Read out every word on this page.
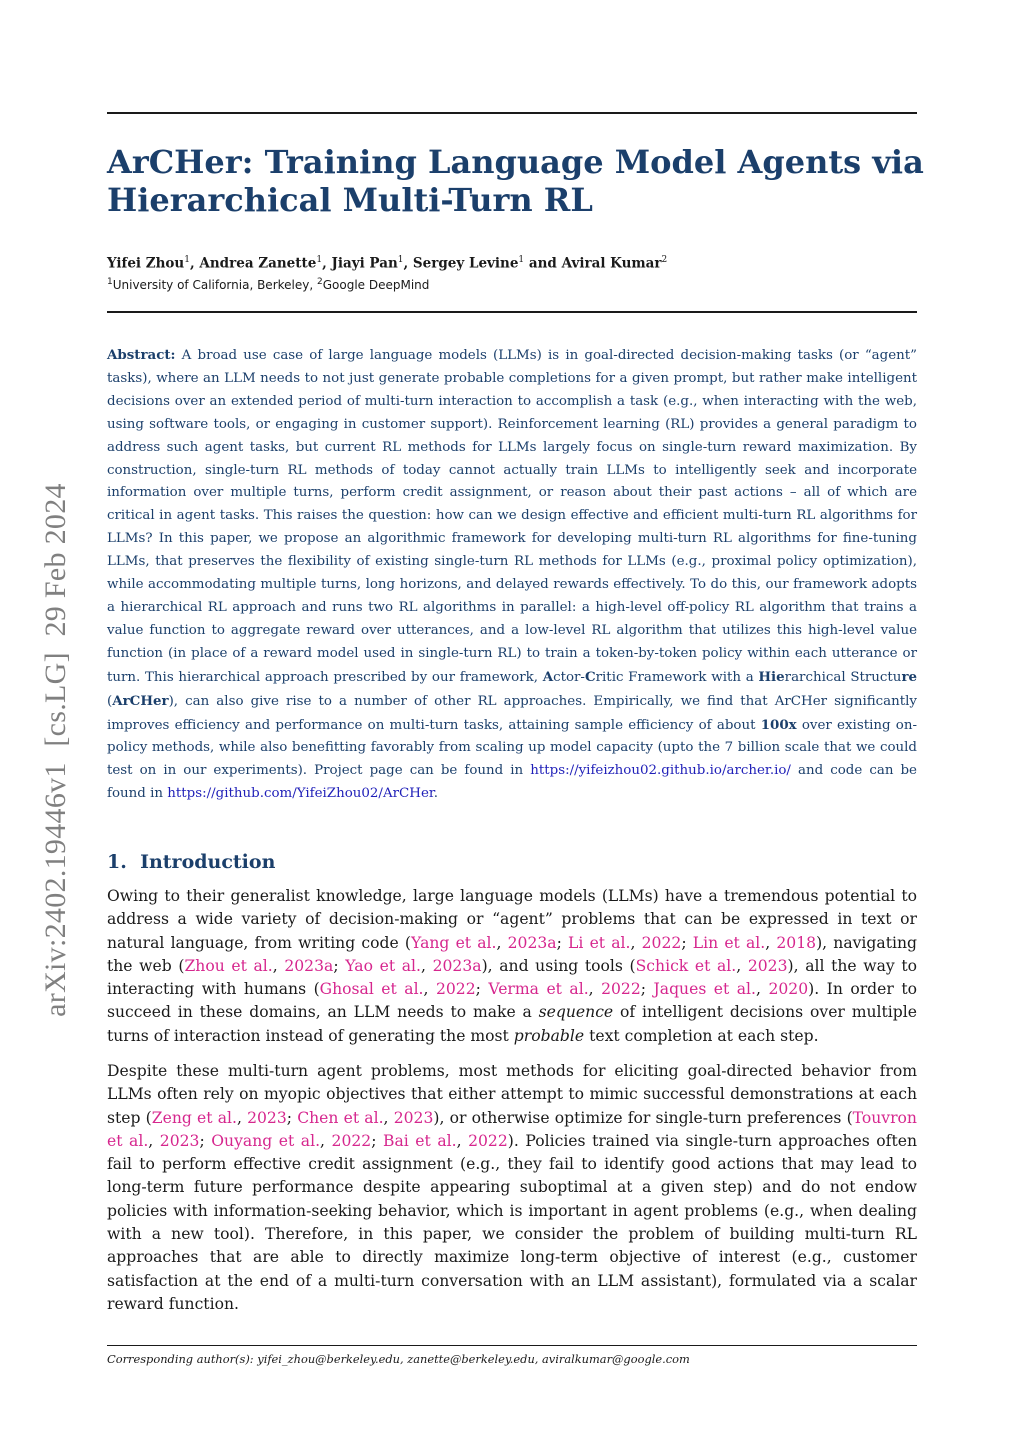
arXiv:2402.19446v1  [cs.LG]  29 Feb 2024
ArCHer: Training Language Model Agents via Hierarchical Multi-Turn RL

Yifei Zhou$^1$, Andrea Zanette$^1$, Jiayi Pan$^1$, Sergey Levine$^1$ and Aviral Kumar$^2$

$^1$University of California, Berkeley, $^2$Google DeepMind

Abstract: A broad use case of large language models (LLMs) is in goal-directed decision-making tasks (or “agent” tasks), where an LLM needs to not just generate probable completions for a given prompt, but rather make intelligent decisions over an extended period of multi-turn interaction to accomplish a task (e.g., when interacting with the web, using software tools, or engaging in customer support). Reinforcement learning (RL) provides a general paradigm to address such agent tasks, but current RL methods for LLMs largely focus on single-turn reward maximization. By construction, single-turn RL methods of today cannot actually train LLMs to intelligently seek and incorporate information over multiple turns, perform credit assignment, or reason about their past actions – all of which are critical in agent tasks. This raises the question: how can we design effective and efficient multi-turn RL algorithms for LLMs? In this paper, we propose an algorithmic framework for developing multi-turn RL algorithms for fine-tuning LLMs, that preserves the flexibility of existing single-turn RL methods for LLMs (e.g., proximal policy optimization), while accommodating multiple turns, long horizons, and delayed rewards effectively. To do this, our framework adopts a hierarchical RL approach and runs two RL algorithms in parallel: a high-level off-policy RL algorithm that trains a value function to aggregate reward over utterances, and a low-level RL algorithm that utilizes this high-level value function (in place of a reward model used in single-turn RL) to train a token-by-token policy within each utterance or turn. This hierarchical approach prescribed by our framework, Actor-Critic Framework with a Hierarchical Structure (ArCHer), can also give rise to a number of other RL approaches. Empirically, we find that ArCHer significantly improves efficiency and performance on multi-turn tasks, attaining sample efficiency of about 100x over existing on-policy methods, while also benefitting favorably from scaling up model capacity (upto the 7 billion scale that we could test on in our experiments). Project page can be found in https://yifeizhou02.github.io/archer.io/ and code can be found in https://github.com/YifeiZhou02/ArCHer.

1. Introduction

Owing to their generalist knowledge, large language models (LLMs) have a tremendous potential to address a wide variety of decision-making or “agent” problems that can be expressed in text or natural language, from writing code (Yang et al., 2023a; Li et al., 2022; Lin et al., 2018), navigating the web (Zhou et al., 2023a; Yao et al., 2023a), and using tools (Schick et al., 2023), all the way to interacting with humans (Ghosal et al., 2022; Verma et al., 2022; Jaques et al., 2020). In order to succeed in these domains, an LLM needs to make a sequence of intelligent decisions over multiple turns of interaction instead of generating the most probable text completion at each step.

Despite these multi-turn agent problems, most methods for eliciting goal-directed behavior from LLMs often rely on myopic objectives that either attempt to mimic successful demonstrations at each step (Zeng et al., 2023; Chen et al., 2023), or otherwise optimize for single-turn preferences (Touvron et al., 2023; Ouyang et al., 2022; Bai et al., 2022). Policies trained via single-turn approaches often fail to perform effective credit assignment (e.g., they fail to identify good actions that may lead to long-term future performance despite appearing suboptimal at a given step) and do not endow policies with information-seeking behavior, which is important in agent problems (e.g., when dealing with a new tool). Therefore, in this paper, we consider the problem of building multi-turn RL approaches that are able to directly maximize long-term objective of interest (e.g., customer satisfaction at the end of a multi-turn conversation with an LLM assistant), formulated via a scalar reward function.

Corresponding author(s): yifei_zhou@berkeley.edu, zanette@berkeley.edu, aviralkumar@google.com
